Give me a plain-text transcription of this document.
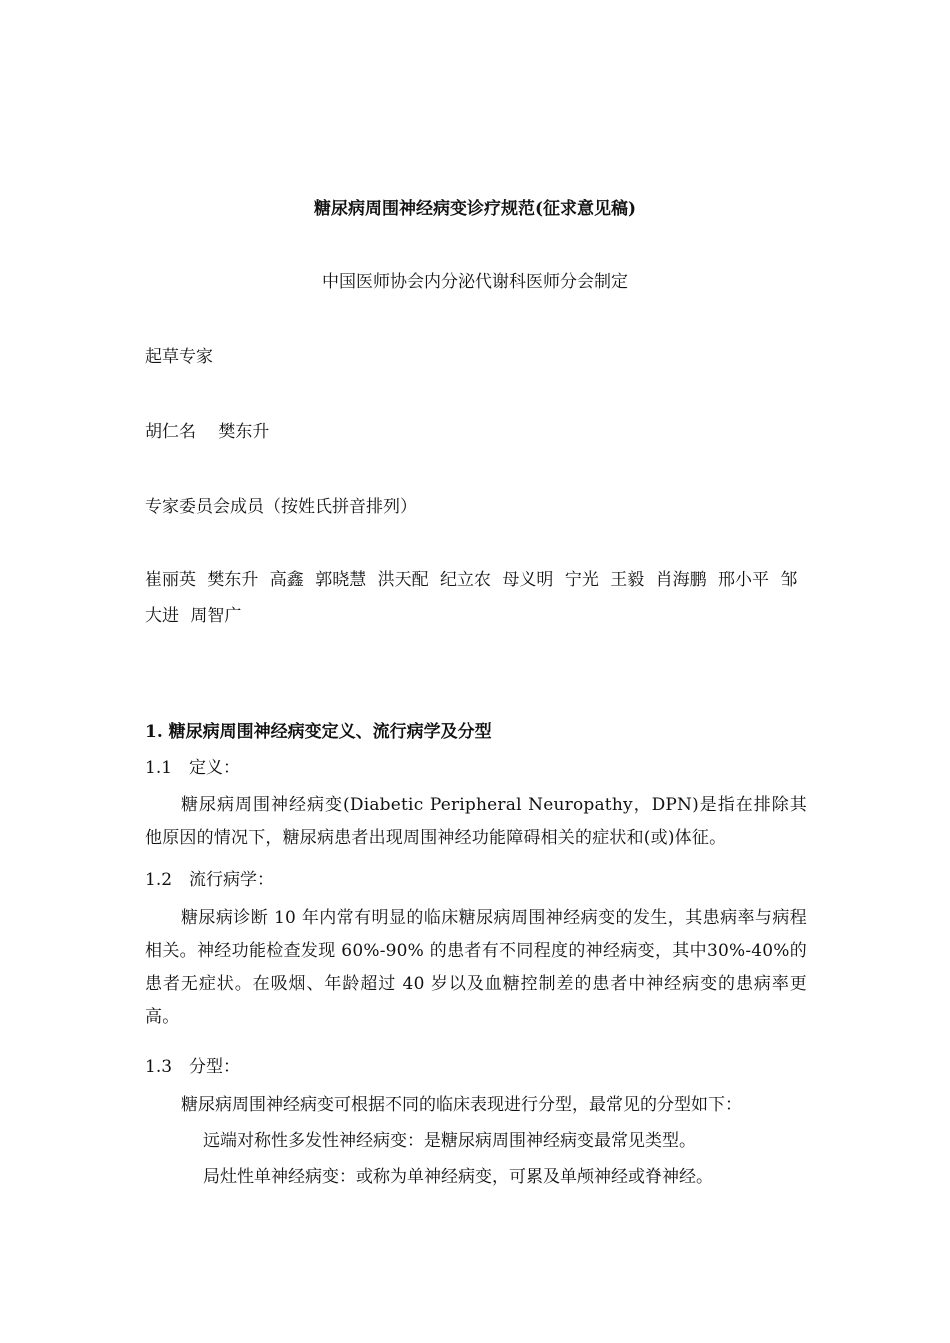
糖尿病周围神经病变诊疗规范(征求意见稿)
中国医师协会内分泌代谢科医师分会制定
起草专家
胡仁名　 樊东升
专家委员会成员（按姓氏拼音排列）
崔丽英 樊东升 高鑫 郭晓慧 洪天配 纪立农 母义明 宁光 王毅 肖海鹏 邢小平 邹大进 周智广
1. 糖尿病周围神经病变定义、流行病学及分型
1.1　定义：
糖尿病周围神经病变(Diabetic Peripheral Neuropathy，DPN)是指在排除其他原因的情况下，糖尿病患者出现周围神经功能障碍相关的症状和(或)体征。
1.2　流行病学：
糖尿病诊断 10 年内常有明显的临床糖尿病周围神经病变的发生，其患病率与病程相关。神经功能检查发现 60%-90% 的患者有不同程度的神经病变，其中30%-40%的患者无症状。在吸烟、年龄超过 40 岁以及血糖控制差的患者中神经病变的患病率更高。
1.3　分型：
糖尿病周围神经病变可根据不同的临床表现进行分型，最常见的分型如下：
远端对称性多发性神经病变：是糖尿病周围神经病变最常见类型。
局灶性单神经病变：或称为单神经病变，可累及单颅神经或脊神经。
